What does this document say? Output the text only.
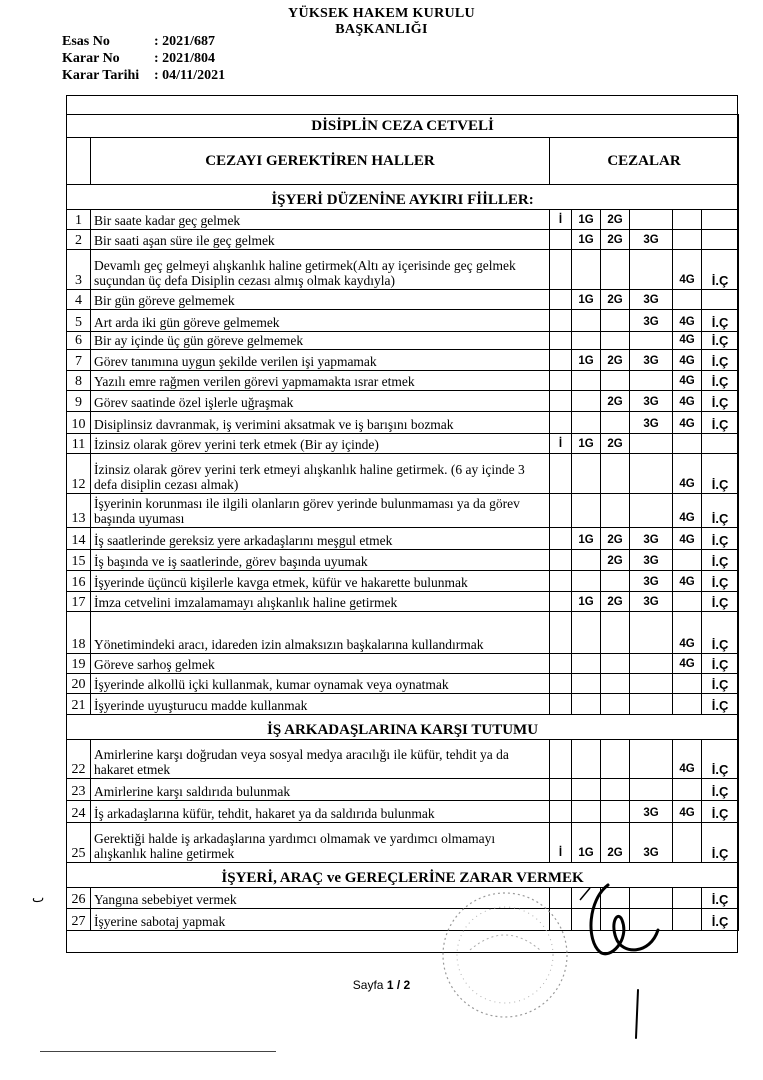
YÜKSEK HAKEM KURULU
BAŞKANLIĞI
Esas No	: 2021/687
Karar No	: 2021/804
Karar Tarihi	: 04/11/2021
DİSİPLİN CEZA CETVELİ							
	CEZAYI GEREKTİREN HALLER	CEZALAR					
İŞYERİ DÜZENİNE AYKIRI FİİLLER:							
1	Bir saate kadar geç gelmek	İ	1G	2G			
2	Bir saati aşan süre ile geç gelmek		1G	2G	3G		
3	Devamlı geç gelmeyi alışkanlık haline getirmek(Altı ay içerisinde geç gelmek suçundan üç defa Disiplin cezası almış olmak kaydıyla)					4G	İ.Ç
4	Bir gün göreve gelmemek		1G	2G	3G		
5	Art arda iki gün göreve gelmemek				3G	4G	İ.Ç
6	Bir ay içinde üç gün göreve gelmemek					4G	İ.Ç
7	Görev tanımına uygun şekilde verilen işi yapmamak		1G	2G	3G	4G	İ.Ç
8	Yazılı emre rağmen verilen görevi yapmamakta ısrar etmek					4G	İ.Ç
9	Görev saatinde özel işlerle uğraşmak			2G	3G	4G	İ.Ç
10	Disiplinsiz davranmak, iş verimini aksatmak ve iş barışını bozmak				3G	4G	İ.Ç
11	İzinsiz olarak görev yerini terk etmek (Bir ay içinde)	İ	1G	2G			
12	İzinsiz olarak görev yerini terk etmeyi alışkanlık haline getirmek. (6 ay içinde 3 defa disiplin cezası almak)					4G	İ.Ç
13	İşyerinin korunması ile ilgili olanların görev yerinde bulunmaması ya da görev başında uyuması					4G	İ.Ç
14	İş saatlerinde gereksiz yere arkadaşlarını meşgul etmek		1G	2G	3G	4G	İ.Ç
15	İş başında ve iş saatlerinde, görev başında uyumak			2G	3G		İ.Ç
16	İşyerinde üçüncü kişilerle kavga etmek, küfür ve hakarette bulunmak				3G	4G	İ.Ç
17	İmza cetvelini imzalamamayı alışkanlık haline getirmek		1G	2G	3G		İ.Ç
18	Yönetimindeki aracı, idareden izin almaksızın başkalarına kullandırmak					4G	İ.Ç
19	Göreve sarhoş gelmek					4G	İ.Ç
20	İşyerinde alkollü içki kullanmak, kumar oynamak veya oynatmak						İ.Ç
21	İşyerinde uyuşturucu madde kullanmak						İ.Ç
İŞ ARKADAŞLARINA KARŞI TUTUMU							
22	Amirlerine karşı doğrudan veya sosyal medya aracılığı ile küfür, tehdit ya da hakaret etmek					4G	İ.Ç
23	Amirlerine karşı saldırıda bulunmak						İ.Ç
24	İş arkadaşlarına küfür, tehdit, hakaret ya da saldırıda bulunmak				3G	4G	İ.Ç
25	Gerektiği halde iş arkadaşlarına yardımcı olmamak ve yardımcı olmamayı alışkanlık haline getirmek	İ	1G	2G	3G		İ.Ç
İŞYERİ, ARAÇ ve GEREÇLERİNE ZARAR VERMEK							
26	Yangına sebebiyet vermek						İ.Ç
27	İşyerine sabotaj yapmak						İ.Ç
ٮ
Sayfa 1 / 2
